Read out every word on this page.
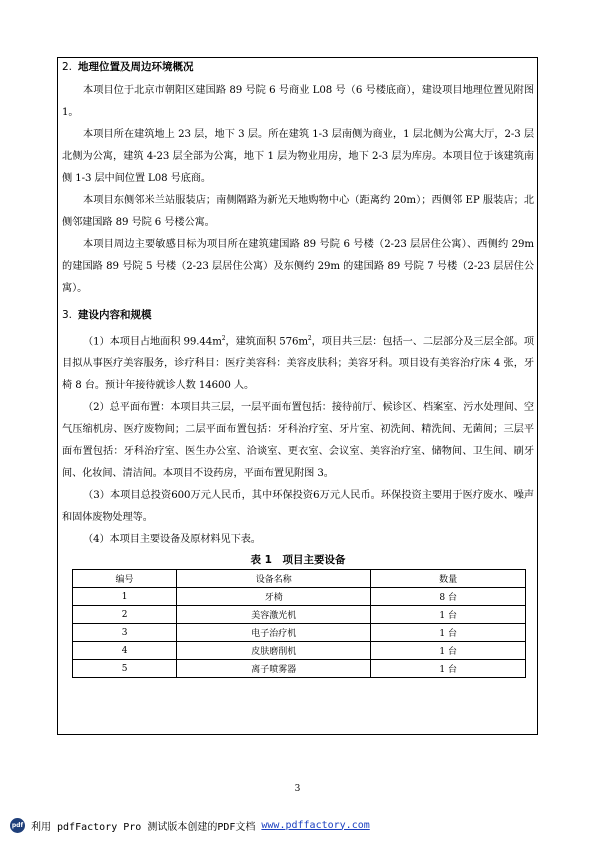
2. 地理位置及周边环境概况

本项目位于北京市朝阳区建国路 89 号院 6 号商业 L08 号（6 号楼底商），建设项目地理位置见附图 1。

本项目所在建筑地上 23 层，地下 3 层。所在建筑 1-3 层南侧为商业，1 层北侧为公寓大厅，2-3 层北侧为公寓，建筑 4-23 层全部为公寓，地下 1 层为物业用房，地下 2-3 层为库房。本项目位于该建筑南侧 1-3 层中间位置 L08 号底商。

本项目东侧邻米兰站服装店；南侧隔路为新光天地购物中心（距离约 20m）；西侧邻 EP 服装店；北侧邻建国路 89 号院 6 号楼公寓。

本项目周边主要敏感目标为项目所在建筑建国路 89 号院 6 号楼（2-23 层居住公寓）、西侧约 29m 的建国路 89 号院 5 号楼（2-23 层居住公寓）及东侧约 29m 的建国路 89 号院 7 号楼（2-23 层居住公寓）。

3. 建设内容和规模

（1）本项目占地面积 $99.44m^2$，建筑面积 $576m^2$，项目共三层：包括一、二层部分及三层全部。项目拟从事医疗美容服务，诊疗科目：医疗美容科：美容皮肤科；美容牙科。项目设有美容治疗床 4 张，牙椅 8 台。预计年接待就诊人数 14600 人。

（2）总平面布置：本项目共三层，一层平面布置包括：接待前厅、候诊区、档案室、污水处理间、空气压缩机房、医疗废物间；二层平面布置包括：牙科治疗室、牙片室、初洗间、精洗间、无菌间；三层平面布置包括：牙科治疗室、医生办公室、洽谈室、更衣室、会议室、美容治疗室、储物间、卫生间、刷牙间、化妆间、清洁间。本项目不设药房，平面布置见附图 3。

（3）本项目总投资600万元人民币，其中环保投资6万元人民币。环保投资主要用于医疗废水、噪声和固体废物处理等。

（4）本项目主要设备及原材料见下表。

表 1　项目主要设备
编号	设备名称	数量
1	牙椅	8 台
2	美容激光机	1 台
3	电子治疗机	1 台
4	皮肤磨削机	1 台
5	离子喷雾器	1 台
3
pdf 利用 pdfFactory Pro 测试版本创建的PDF文档 www.pdffactory.com
